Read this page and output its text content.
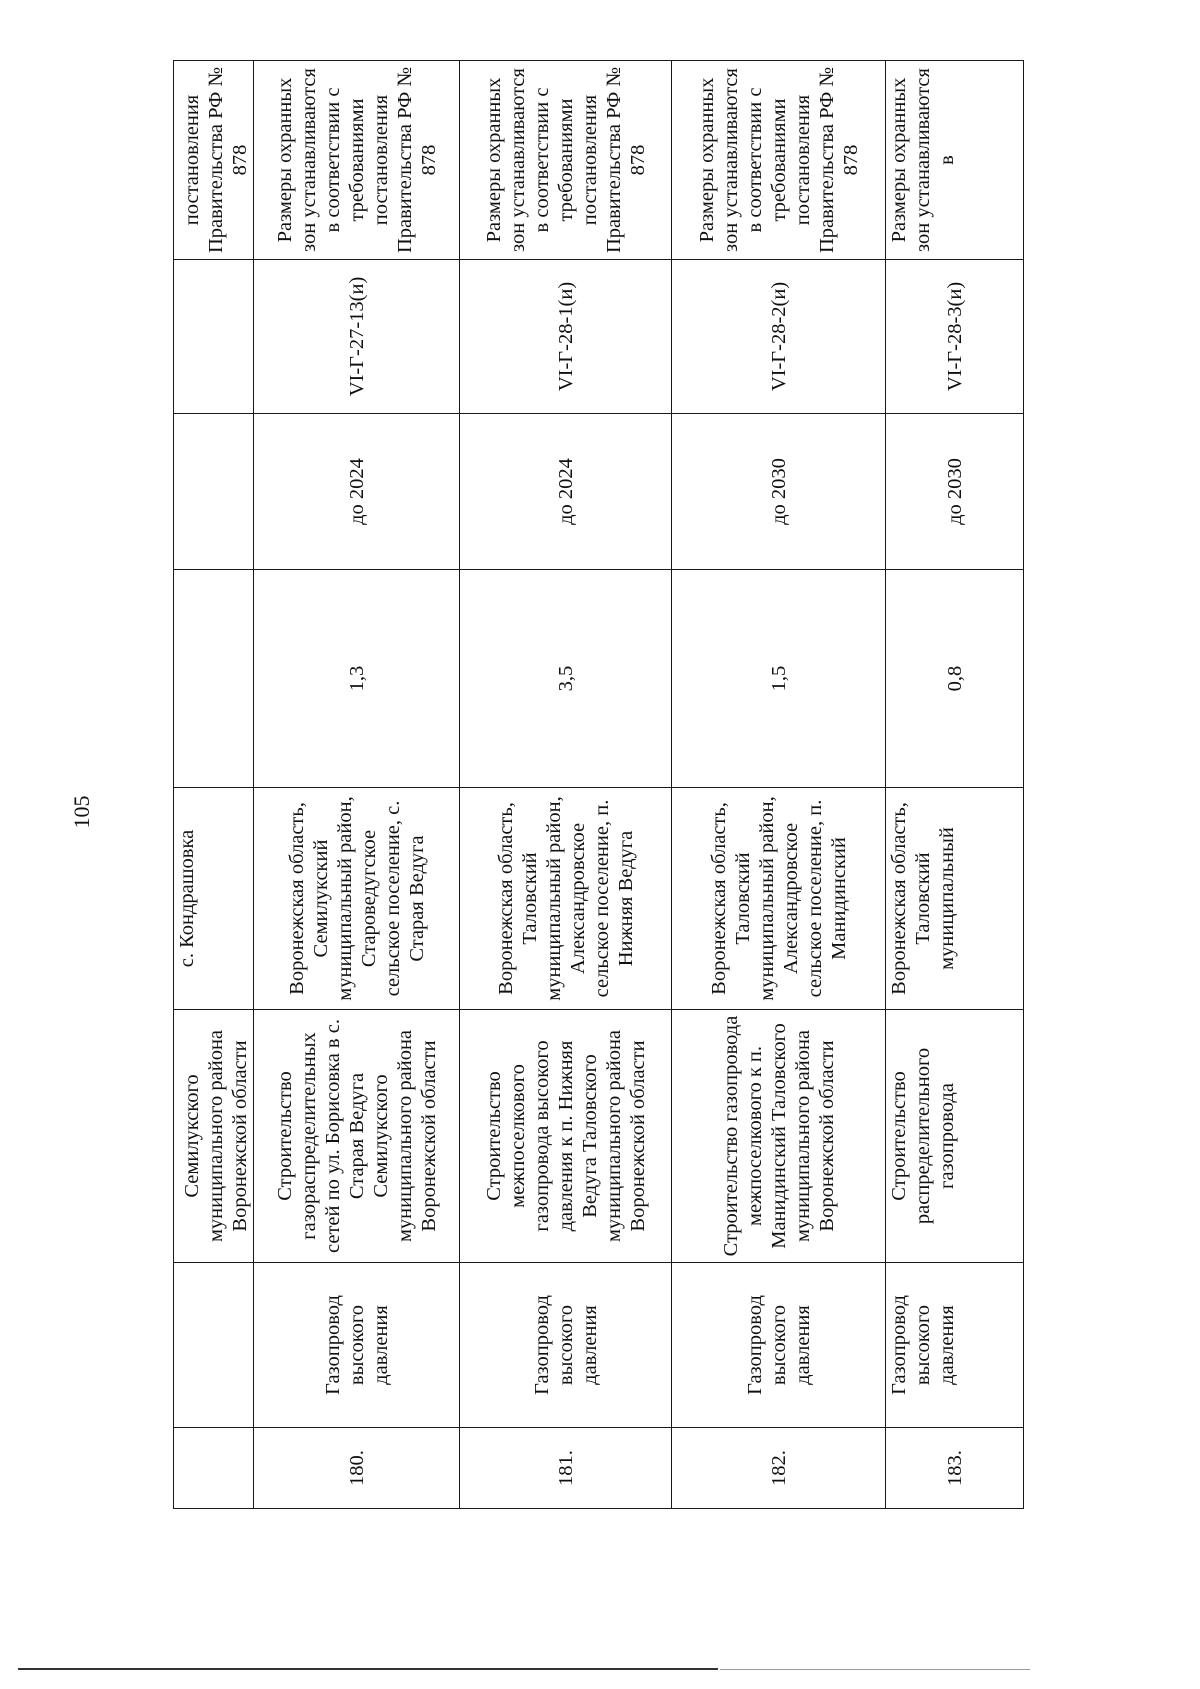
105
		Семилукского муниципального района Воронежской области	с. Кондрашовка				постановления Правительства РФ № 878
180.	Газопровод высокого давления	Строительство газораспределительных сетей по ул. Борисовка в с. Старая Ведуга Семилукского муниципального района Воронежской области	Воронежская область, Семилукский муниципальный район, Староведугское сельское поселение, с. Старая Ведуга	1,3	до 2024	VI-Г-27-13(и)	Размеры охранных зон устанавливаются в соответствии с требованиями постановления Правительства РФ № 878
181.	Газопровод высокого давления	Строительство межпоселкового газопровода высокого давления к п. Нижняя Ведуга Таловского муниципального района Воронежской области	Воронежская область, Таловский муниципальный район, Александровское сельское поселение, п. Нижняя Ведуга	3,5	до 2024	VI-Г-28-1(и)	Размеры охранных зон устанавливаются в соответствии с требованиями постановления Правительства РФ № 878
182.	Газопровод высокого давления	Строительство газопровода межпоселкового к п. Манидинский Таловского муниципального района Воронежской области	Воронежская область, Таловский муниципальный район, Александровское сельское поселение, п. Манидинский	1,5	до 2030	VI-Г-28-2(и)	Размеры охранных зон устанавливаются в соответствии с требованиями постановления Правительства РФ № 878
183.	Газопровод высокого давления	Строительство распределительного газопровода	Воронежская область, Таловский муниципальный	0,8	до 2030	VI-Г-28-3(и)	Размеры охранных зон устанавливаются в
